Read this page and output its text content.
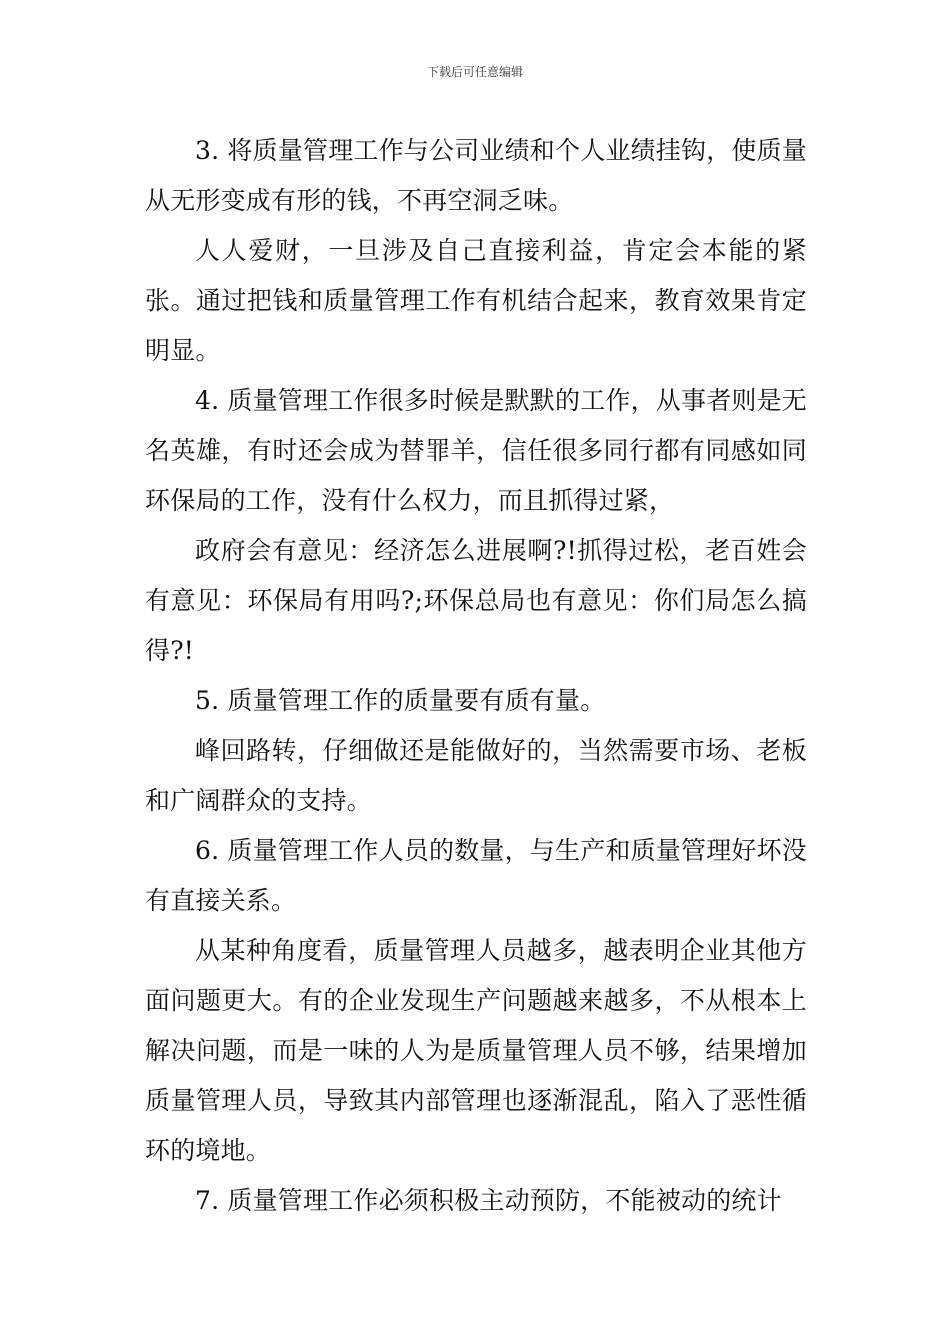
下载后可任意编辑

3. 将质量管理工作与公司业绩和个人业绩挂钩，使质量从无形变成有形的钱，不再空洞乏味。

人人爱财，一旦涉及自己直接利益，肯定会本能的紧张。通过把钱和质量管理工作有机结合起来，教育效果肯定明显。

4. 质量管理工作很多时候是默默的工作，从事者则是无名英雄，有时还会成为替罪羊，信任很多同行都有同感如同环保局的工作，没有什么权力，而且抓得过紧，

政府会有意见：经济怎么进展啊?!抓得过松，老百姓会有意见：环保局有用吗?;环保总局也有意见：你们局怎么搞得?!

5. 质量管理工作的质量要有质有量。

峰回路转，仔细做还是能做好的，当然需要市场、老板和广阔群众的支持。

6. 质量管理工作人员的数量，与生产和质量管理好坏没有直接关系。

从某种角度看，质量管理人员越多，越表明企业其他方面问题更大。有的企业发现生产问题越来越多，不从根本上解决问题，而是一味的人为是质量管理人员不够，结果增加质量管理人员，导致其内部管理也逐渐混乱，陷入了恶性循环的境地。

7. 质量管理工作必须积极主动预防，不能被动的统计
